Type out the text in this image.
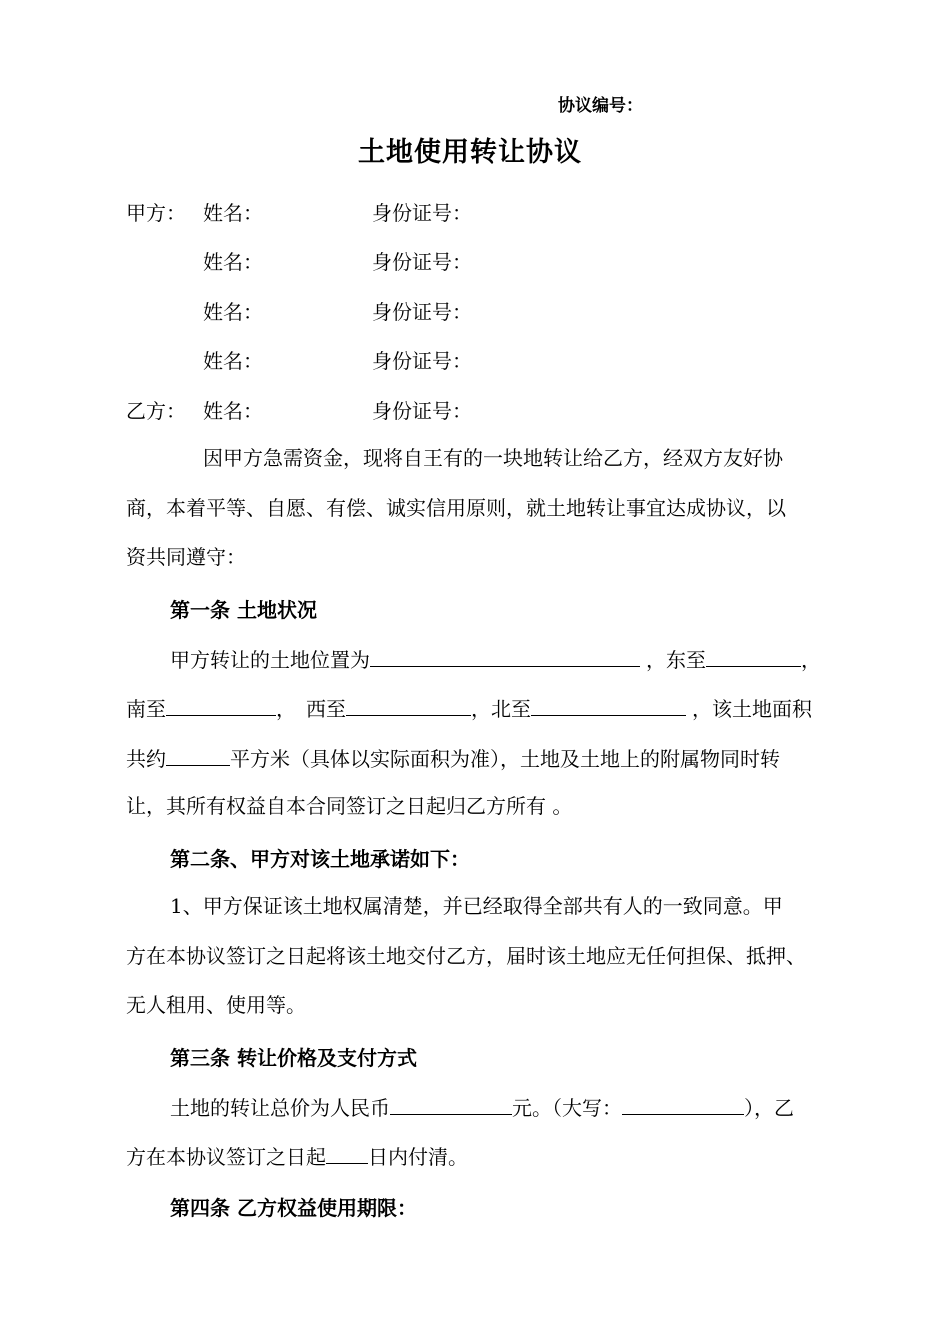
协议编号：
土地使用转让协议
甲方： 姓名：	身份证号：
姓名：	身份证号：
姓名：	身份证号：
姓名：	身份证号：
乙方： 姓名：	身份证号：
因甲方急需资金，现将自王有的一块地转让给乙方，经双方友好协
商，本着平等、自愿、有偿、诚实信用原则，就土地转让事宜达成协议，以
资共同遵守：
第一条 土地状况
甲方转让的土地位置为	，东至	，
南至	， 西至	，北至	，该土地面积
共约	平方米（具体以实际面积为准），土地及土地上的附属物同时转
让，其所有权益自本合同签订之日起归乙方所有 。
第二条、甲方对该土地承诺如下：
1、甲方保证该土地权属清楚，并已经取得全部共有人的一致同意。甲
方在本协议签订之日起将该土地交付乙方，届时该土地应无任何担保、抵押、
无人租用、使用等。
第三条 转让价格及支付方式
土地的转让总价为人民币	元。（大写：	），乙
方在本协议签订之日起 日内付清。
第四条 乙方权益使用期限：
